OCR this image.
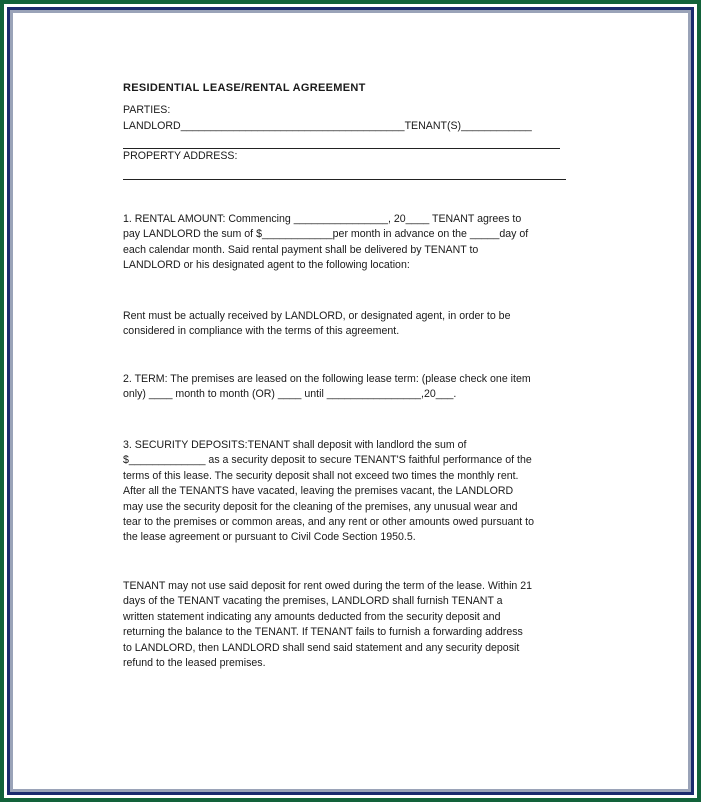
RESIDENTIAL LEASE/RENTAL AGREEMENT
PARTIES:
LANDLORD______________________________________TENANT(S)____________
PROPERTY ADDRESS:
1. RENTAL AMOUNT: Commencing ________________, 20____ TENANT agrees to
pay LANDLORD the sum of $____________per month in advance on the _____day of
each calendar month. Said rental payment shall be delivered by TENANT to
LANDLORD or his designated agent to the following location:
Rent must be actually received by LANDLORD, or designated agent, in order to be
considered in compliance with the terms of this agreement.
2. TERM: The premises are leased on the following lease term: (please check one item
only) ____ month to month (OR) ____ until ________________,20___.
3. SECURITY DEPOSITS:TENANT shall deposit with landlord the sum of
$_____________ as a security deposit to secure TENANT'S faithful performance of the
terms of this lease. The security deposit shall not exceed two times the monthly rent.
After all the TENANTS have vacated, leaving the premises vacant, the LANDLORD
may use the security deposit for the cleaning of the premises, any unusual wear and
tear to the premises or common areas, and any rent or other amounts owed pursuant to
the lease agreement or pursuant to Civil Code Section 1950.5.
TENANT may not use said deposit for rent owed during the term of the lease. Within 21
days of the TENANT vacating the premises, LANDLORD shall furnish TENANT a
written statement indicating any amounts deducted from the security deposit and
returning the balance to the TENANT. If TENANT fails to furnish a forwarding address
to LANDLORD, then LANDLORD shall send said statement and any security deposit
refund to the leased premises.
